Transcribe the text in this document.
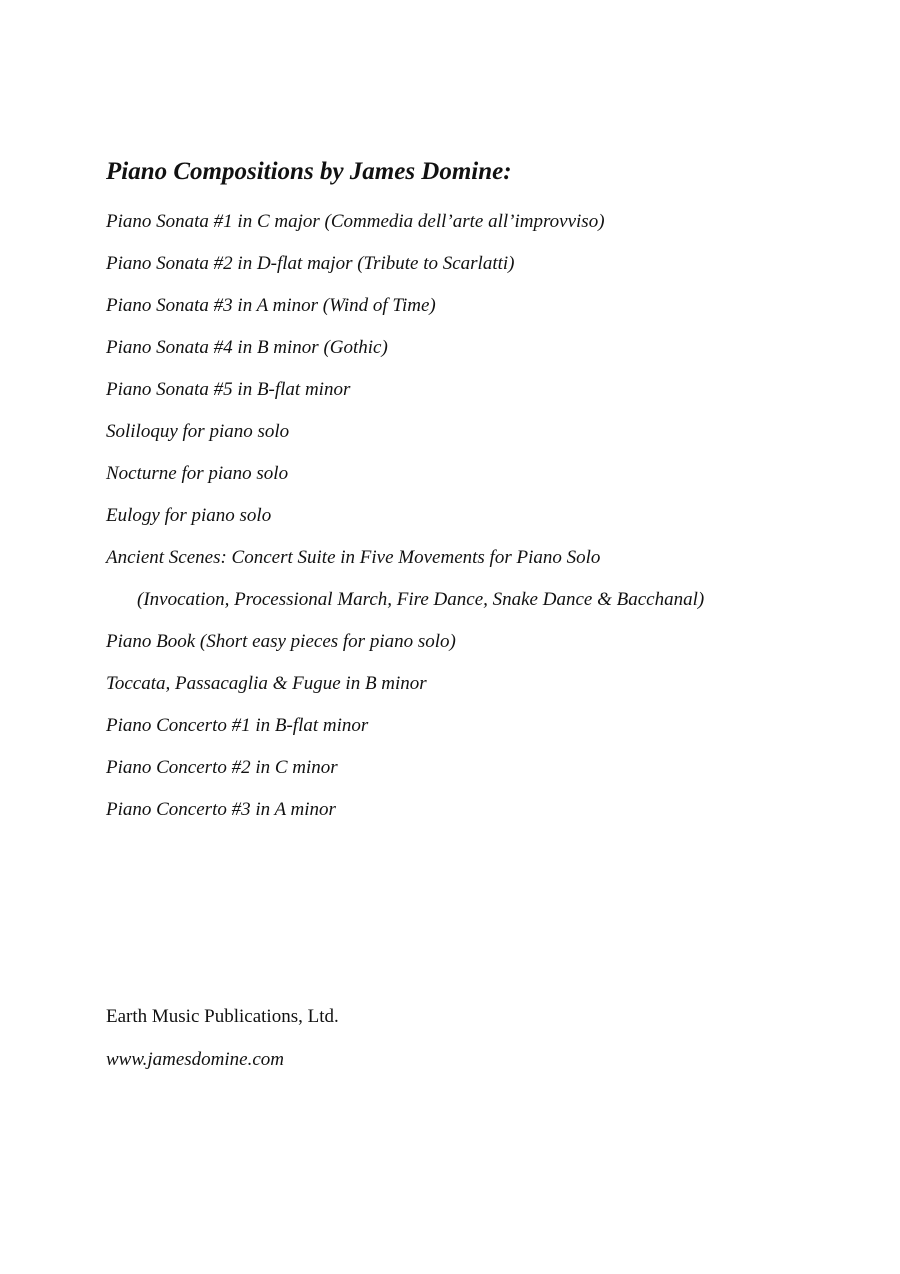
Piano Compositions by James Domine:
Piano Sonata #1 in C major (Commedia dell’arte all’improvviso)
Piano Sonata #2 in D-flat major (Tribute to Scarlatti)
Piano Sonata #3 in A minor (Wind of Time)
Piano Sonata #4 in B minor (Gothic)
Piano Sonata #5 in B-flat minor
Soliloquy for piano solo
Nocturne for piano solo
Eulogy for piano solo
Ancient Scenes: Concert Suite in Five Movements for Piano Solo
(Invocation, Processional March, Fire Dance, Snake Dance & Bacchanal)
Piano Book (Short easy pieces for piano solo)
Toccata, Passacaglia & Fugue in B minor
Piano Concerto #1 in B-flat minor
Piano Concerto #2 in C minor
Piano Concerto #3 in A minor
Earth Music Publications, Ltd.
www.jamesdomine.com
